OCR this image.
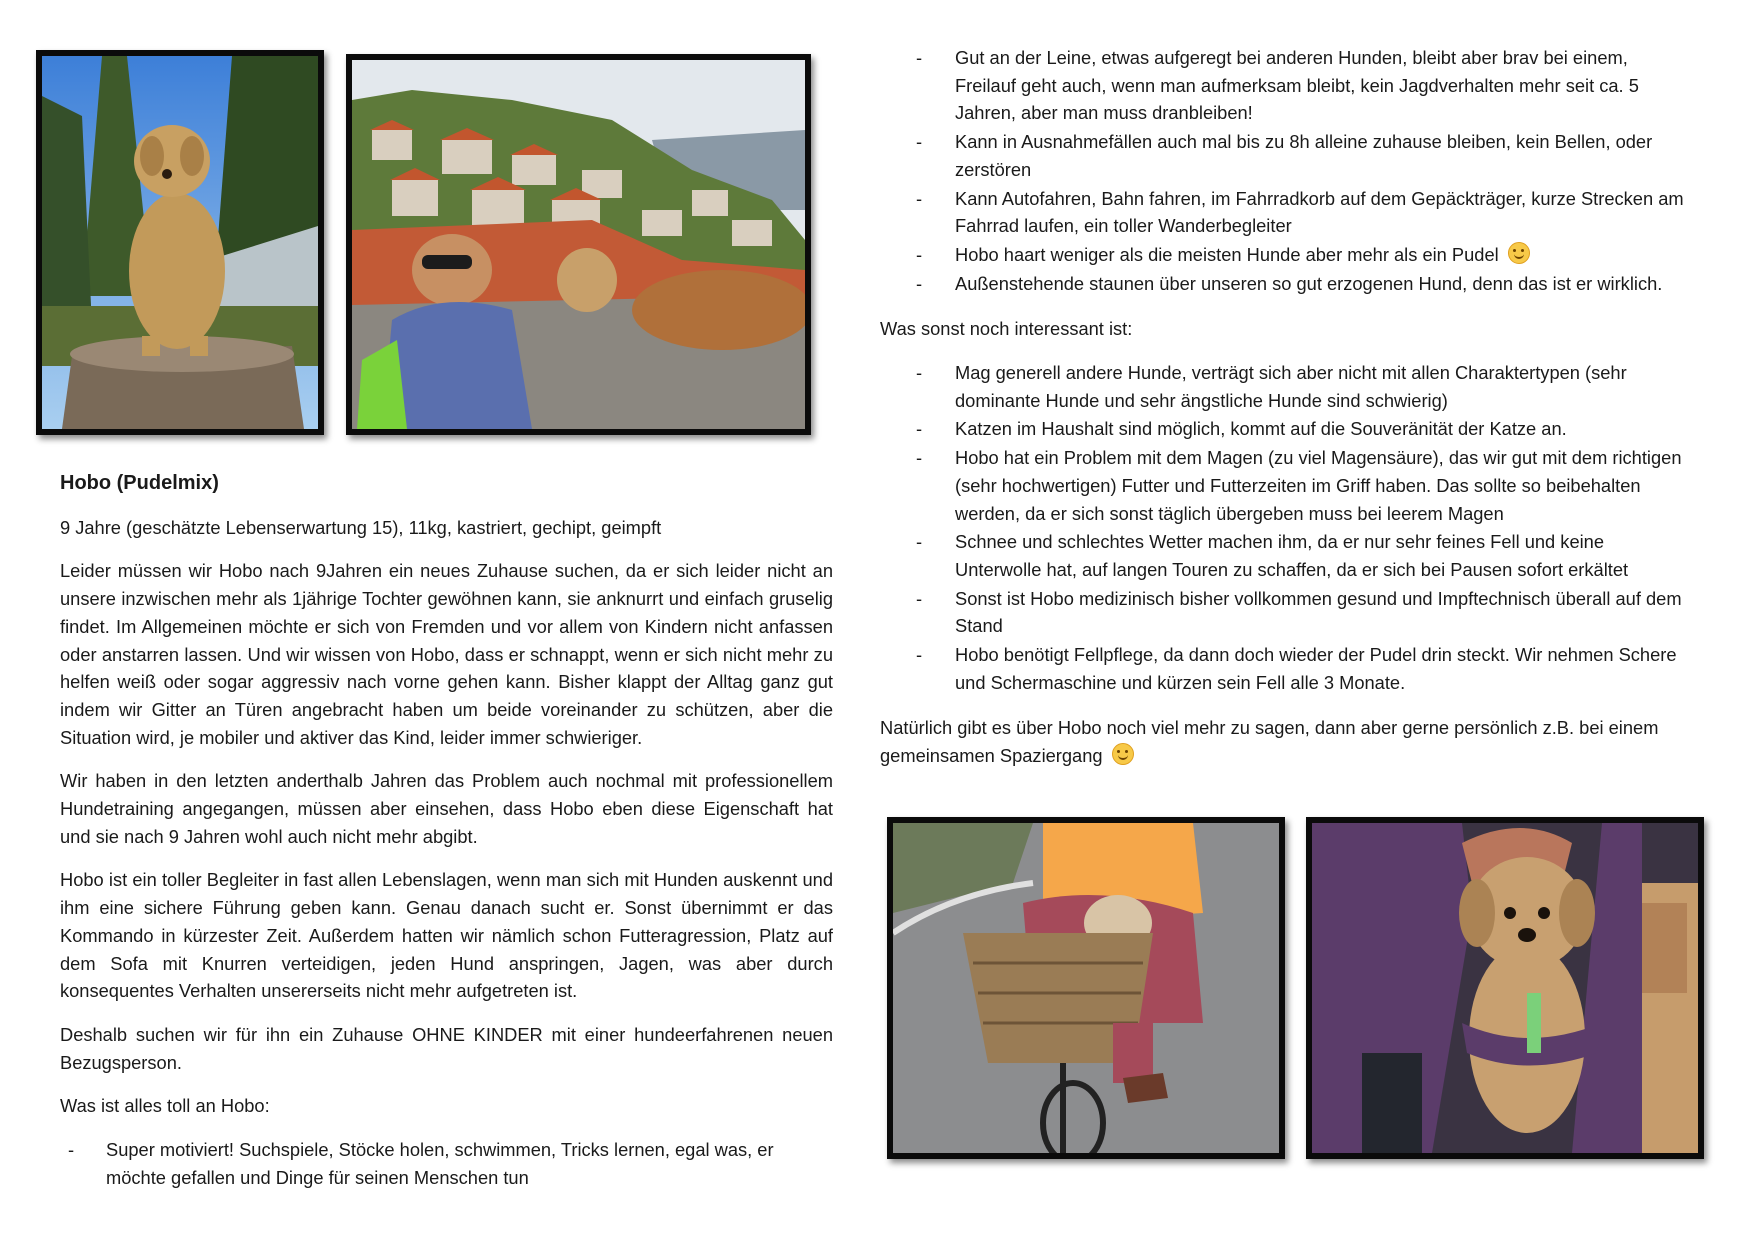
Hobo (Pudelmix)

9 Jahre (geschätzte Lebenserwartung 15), 11kg, kastriert, gechipt, geimpft

Leider müssen wir Hobo nach 9Jahren ein neues Zuhause suchen, da er sich leider nicht an unsere inzwischen mehr als 1jährige Tochter gewöhnen kann, sie anknurrt und einfach gruselig findet. Im Allgemeinen möchte er sich von Fremden und vor allem von Kindern nicht anfassen oder anstarren lassen. Und wir wissen von Hobo, dass er schnappt, wenn er sich nicht mehr zu helfen weiß oder sogar aggressiv nach vorne gehen kann. Bisher klappt der Alltag ganz gut indem wir Gitter an Türen angebracht haben um beide voreinander zu schützen, aber die Situation wird, je mobiler und aktiver das Kind, leider immer schwieriger.

Wir haben in den letzten anderthalb Jahren das Problem auch nochmal mit professionellem Hundetraining angegangen, müssen aber einsehen, dass Hobo eben diese Eigenschaft hat und sie nach 9 Jahren wohl auch nicht mehr abgibt.

Hobo ist ein toller Begleiter in fast allen Lebenslagen, wenn man sich mit Hunden auskennt und ihm eine sichere Führung geben kann. Genau danach sucht er. Sonst übernimmt er das Kommando in kürzester Zeit. Außerdem hatten wir nämlich schon Futteragression, Platz auf dem Sofa mit Knurren verteidigen, jeden Hund anspringen, Jagen, was aber durch konsequentes Verhalten unsererseits nicht mehr aufgetreten ist.

Deshalb suchen wir für ihn ein Zuhause OHNE KINDER mit einer hundeerfahrenen neuen Bezugsperson.

Was ist alles toll an Hobo:

- Super motiviert! Suchspiele, Stöcke holen, schwimmen, Tricks lernen, egal was, er möchte gefallen und Dinge für seinen Menschen tun
- Gut an der Leine, etwas aufgeregt bei anderen Hunden, bleibt aber brav bei einem, Freilauf geht auch, wenn man aufmerksam bleibt, kein Jagdverhalten mehr seit ca. 5 Jahren, aber man muss dranbleiben!
- Kann in Ausnahmefällen auch mal bis zu 8h alleine zuhause bleiben, kein Bellen, oder zerstören
- Kann Autofahren, Bahn fahren, im Fahrradkorb auf dem Gepäckträger, kurze Strecken am Fahrrad laufen, ein toller Wanderbegleiter
- Hobo haart weniger als die meisten Hunde aber mehr als ein Pudel
- Außenstehende staunen über unseren so gut erzogenen Hund, denn das ist er wirklich.

Was sonst noch interessant ist:

- Mag generell andere Hunde, verträgt sich aber nicht mit allen Charaktertypen (sehr dominante Hunde und sehr ängstliche Hunde sind schwierig)
- Katzen im Haushalt sind möglich, kommt auf die Souveränität der Katze an.
- Hobo hat ein Problem mit dem Magen (zu viel Magensäure), das wir gut mit dem richtigen (sehr hochwertigen) Futter und Futterzeiten im Griff haben. Das sollte so beibehalten werden, da er sich sonst täglich übergeben muss bei leerem Magen
- Schnee und schlechtes Wetter machen ihm, da er nur sehr feines Fell und keine Unterwolle hat, auf langen Touren zu schaffen, da er sich bei Pausen sofort erkältet
- Sonst ist Hobo medizinisch bisher vollkommen gesund und Impftechnisch überall auf dem Stand
- Hobo benötigt Fellpflege, da dann doch wieder der Pudel drin steckt. Wir nehmen Schere und Schermaschine und kürzen sein Fell alle 3 Monate.

Natürlich gibt es über Hobo noch viel mehr zu sagen, dann aber gerne persönlich z.B. bei einem gemeinsamen Spaziergang
